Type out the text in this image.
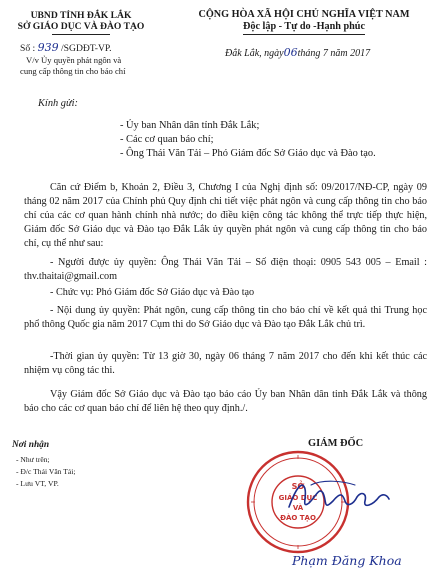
UBND TỈNH ĐẮK LẮK
SỞ GIÁO DỤC VÀ ĐÀO TẠO
Số : 939 /SGDĐT-VP.
V/v Ủy quyền phát ngôn và
cung cấp thông tin cho báo chí
CỘNG HÒA XÃ HỘI CHỦ NGHĨA VIỆT NAM
Độc lập - Tự do -Hạnh phúc
Đắk Lắk, ngày06tháng 7 năm 2017
Kính gửi:
- Ủy ban Nhân dân tỉnh Đắk Lắk;
- Các cơ quan báo chí;
- Ông Thái Văn Tải – Phó Giám đốc Sở Giáo dục và Đào tạo.
Căn cứ Điểm b, Khoản 2, Điều 3, Chương I của Nghị định số: 09/2017/NĐ-CP, ngày 09 tháng 02 năm 2017 của Chính phủ Quy định chi tiết việc phát ngôn và cung cấp thông tin cho báo chí của các cơ quan hành chính nhà nước; do điều kiện công tác không thể trực tiếp thực hiện, Giám đốc Sở Giáo dục và Đào tạo Đắk Lắk ủy quyền phát ngôn và cung cấp thông tin cho báo chí, cụ thể như sau:
- Người được ủy quyền: Ông Thái Văn Tải – Số điện thoại: 0905 543 005 – Email : thv.thaitai@gmail.com
- Chức vụ: Phó Giám đốc Sở Giáo dục và Đào tạo
- Nội dung ủy quyền: Phát ngôn, cung cấp thông tin cho báo chí về kết quả thi Trung học phổ thông Quốc gia năm 2017 Cụm thi do Sở Giáo dục và Đào tạo Đắk Lắk chủ trì.
-Thời gian ủy quyền: Từ 13 giờ 30, ngày 06 tháng 7 năm 2017 cho đến khi kết thúc các nhiệm vụ công tác thi.
Vậy Giám đốc Sở Giáo dục và Đào tạo báo cáo Ủy ban Nhân dân tỉnh Đắk Lắk và thông báo cho các cơ quan báo chí để liên hệ theo quy định./.
Nơi nhận
- Như trên;
- Đ/c Thái Văn Tải;
- Lưu VT, VP.
GIÁM ĐỐC
SỞ
GIÁO DỤC
VÀ
ĐÀO TẠO
Phạm Đăng Khoa
